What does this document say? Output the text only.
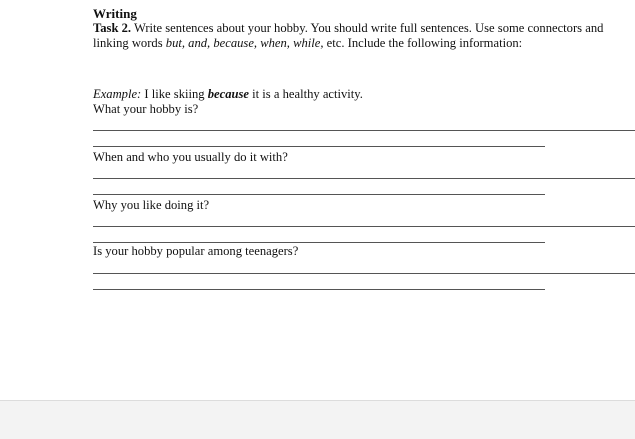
Writing
Task 2. Write sentences about your hobby. You should write full sentences. Use some connectors and linking words but, and, because, when, while, etc. Include the following information:
Example: I like skiing because it is a healthy activity.
What your hobby is?
When and who you usually do it with?
Why you like doing it?
Is your hobby popular among teenagers?
